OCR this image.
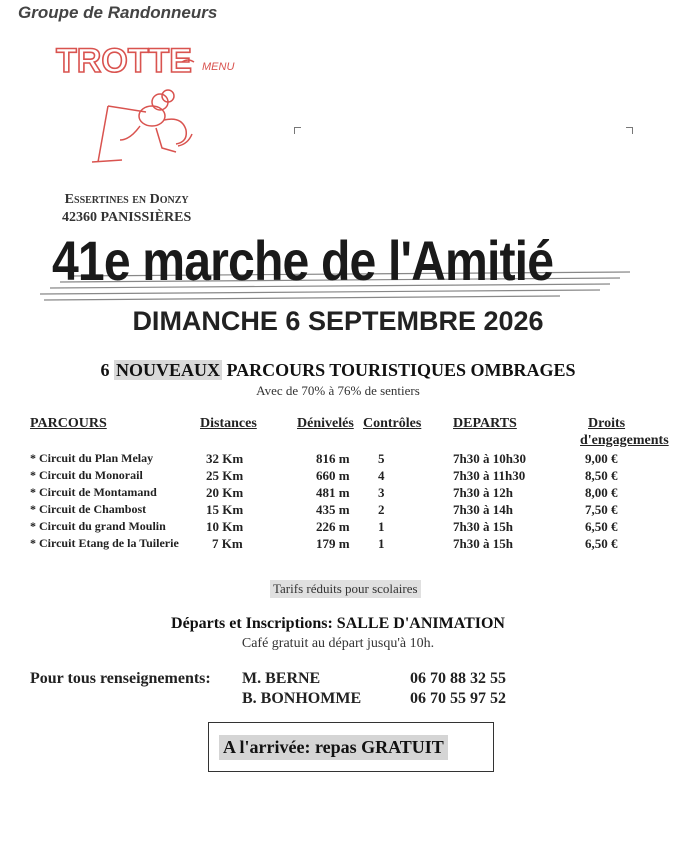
Groupe de Randonneurs
TROTTE MENU
Essertines en Donzy
42360 PANISSIÈRES
41e marche de l'Amitié
DIMANCHE 6 SEPTEMBRE 2026
6 NOUVEAUX PARCOURS TOURISTIQUES OMBRAGES
Avec de 70% à 76% de sentiers
PARCOURS	Distances	Dénivelés Contrôles DEPARTS	Droits
d'engagements
* Circuit du Plan Melay	32 Km	816 m 5	7h30 à 10h30	9,00 €
* Circuit du Monorail	25 Km	660 m 4	7h30 à 11h30	8,50 €
* Circuit de Montamand	20 Km	481 m 3	7h30 à 12h	8,00 €
* Circuit de Chambost	15 Km	435 m 2	7h30 à 14h	7,50 €
* Circuit du grand Moulin	10 Km	226 m 1	7h30 à 15h	6,50 €
* Circuit Etang de la Tuilerie	7 Km	179 m 1	7h30 à 15h	6,50 €
Tarifs réduits pour scolaires
Départs et Inscriptions: SALLE D'ANIMATION
Café gratuit au départ jusqu'à 10h.
Pour tous renseignements: M. BERNE	06 70 88 32 55
B. BONHOMME	06 70 55 97 52
A l'arrivée: repas GRATUIT
